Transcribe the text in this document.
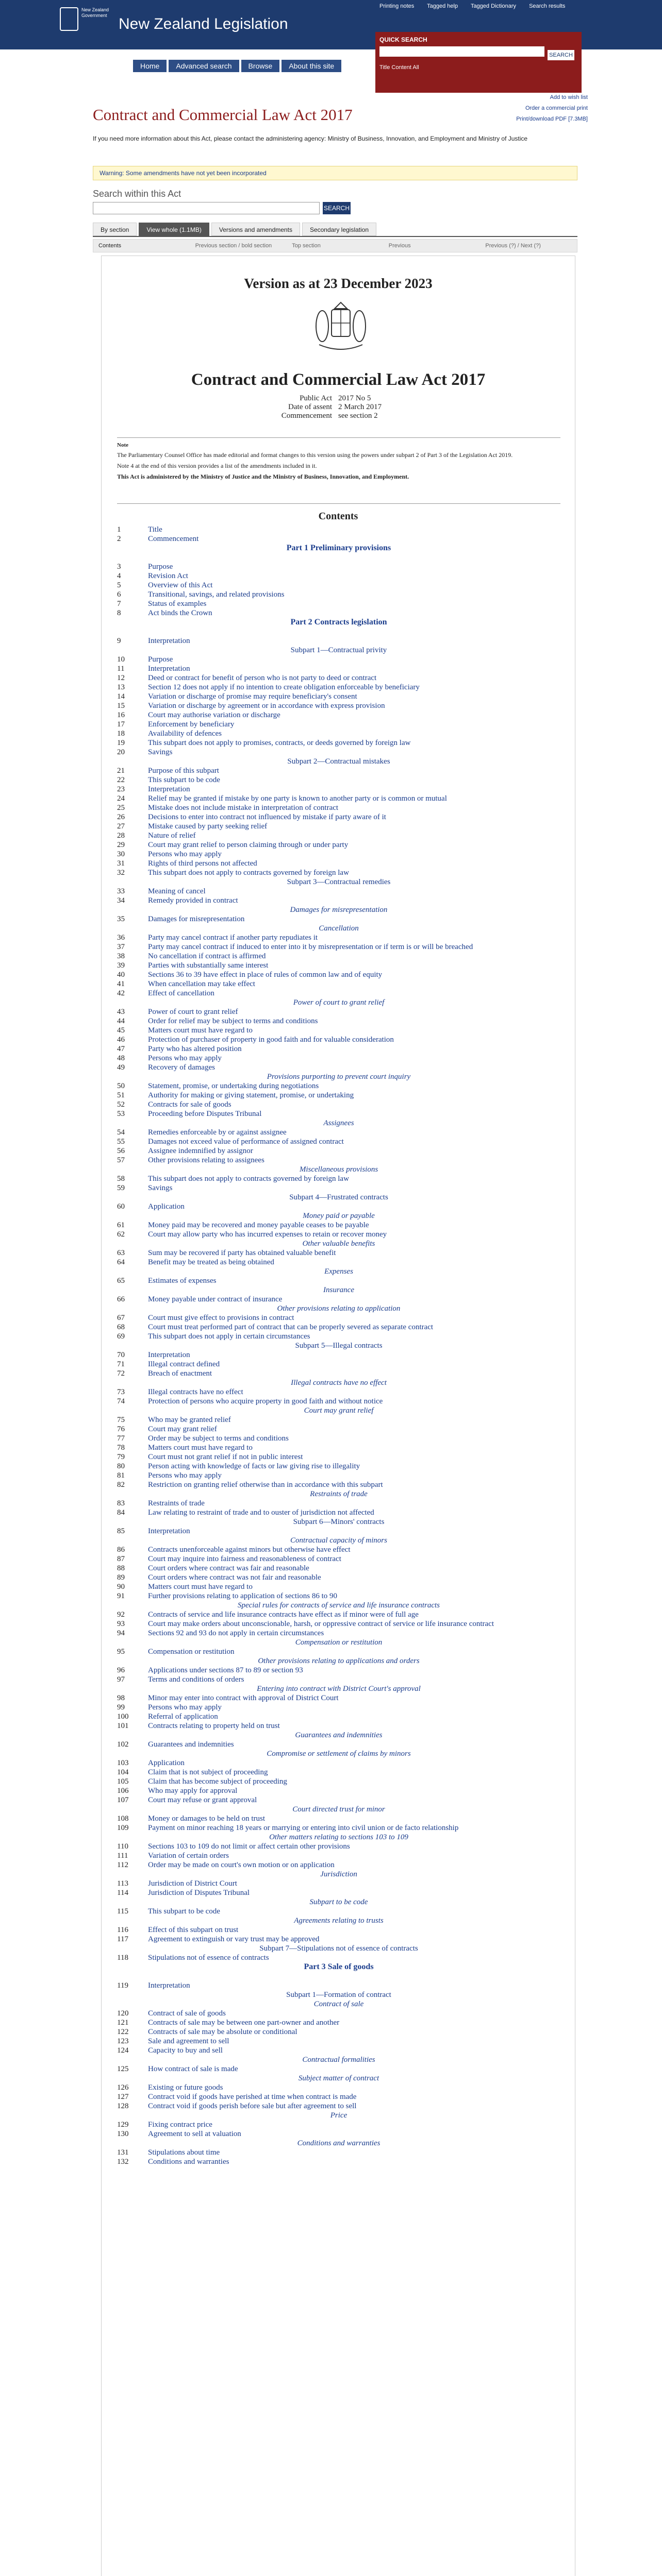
Printing notes Tagged help Tagged Dictionary Search results
New Zealand Government New Zealand Legislation
Home	Advanced search	Browse	About this site
QUICK SEARCH
SEARCH
Title Content All
Contract and Commercial Law Act 2017
Add to wish list
Order a commercial print
Print/download PDF [7.3MB]
If you need more information about this Act, please contact the administering agency: Ministry of Business, Innovation, and Employment and Ministry of Justice
Warning: Some amendments have not yet been incorporated
Search within this Act
SEARCH
By section	View whole (1.1MB)	Versions and amendments	Secondary legislation
Contents	Previous section / bold section	Top section	Previous	Previous (?) / Next (?)
Version as at 23 December 2023
Contract and Commercial Law Act 2017
Public Act 2017 No 5
Date of assent 2 March 2017
Commencement see section 2
Note

The Parliamentary Counsel Office has made editorial and format changes to this version using the powers under subpart 2 of Part 3 of the Legislation Act 2019.

Note 4 at the end of this version provides a list of the amendments included in it.

This Act is administered by the Ministry of Justice and the Ministry of Business, Innovation, and Employment.

Contents
1	Title
2	Commencement
Part 1 Preliminary provisions
3	Purpose
4	Revision Act
5	Overview of this Act
6	Transitional, savings, and related provisions
7	Status of examples
8	Act binds the Crown
Part 2 Contracts legislation
9	Interpretation
Subpart 1—Contractual privity
10	Purpose
11	Interpretation
12	Deed or contract for benefit of person who is not party to deed or contract
13	Section 12 does not apply if no intention to create obligation enforceable by beneficiary
14	Variation or discharge of promise may require beneficiary's consent
15	Variation or discharge by agreement or in accordance with express provision
16	Court may authorise variation or discharge
17	Enforcement by beneficiary
18	Availability of defences
19	This subpart does not apply to promises, contracts, or deeds governed by foreign law
20	Savings
Subpart 2—Contractual mistakes
21	Purpose of this subpart
22	This subpart to be code
23	Interpretation
24	Relief may be granted if mistake by one party is known to another party or is common or mutual
25	Mistake does not include mistake in interpretation of contract
26	Decisions to enter into contract not influenced by mistake if party aware of it
27	Mistake caused by party seeking relief
28	Nature of relief
29	Court may grant relief to person claiming through or under party
30	Persons who may apply
31	Rights of third persons not affected
32	This subpart does not apply to contracts governed by foreign law
Subpart 3—Contractual remedies
33	Meaning of cancel
34	Remedy provided in contract
Damages for misrepresentation
35	Damages for misrepresentation
Cancellation
36	Party may cancel contract if another party repudiates it
37	Party may cancel contract if induced to enter into it by misrepresentation or if term is or will be breached
38	No cancellation if contract is affirmed
39	Parties with substantially same interest
40	Sections 36 to 39 have effect in place of rules of common law and of equity
41	When cancellation may take effect
42	Effect of cancellation
Power of court to grant relief
43	Power of court to grant relief
44	Order for relief may be subject to terms and conditions
45	Matters court must have regard to
46	Protection of purchaser of property in good faith and for valuable consideration
47	Party who has altered position
48	Persons who may apply
49	Recovery of damages
Provisions purporting to prevent court inquiry
50	Statement, promise, or undertaking during negotiations
51	Authority for making or giving statement, promise, or undertaking
52	Contracts for sale of goods
53	Proceeding before Disputes Tribunal
Assignees
54	Remedies enforceable by or against assignee
55	Damages not exceed value of performance of assigned contract
56	Assignee indemnified by assignor
57	Other provisions relating to assignees
Miscellaneous provisions
58	This subpart does not apply to contracts governed by foreign law
59	Savings
Subpart 4—Frustrated contracts
60	Application
Money paid or payable
61	Money paid may be recovered and money payable ceases to be payable
62	Court may allow party who has incurred expenses to retain or recover money
Other valuable benefits
63	Sum may be recovered if party has obtained valuable benefit
64	Benefit may be treated as being obtained
Expenses
65	Estimates of expenses
Insurance
66	Money payable under contract of insurance
Other provisions relating to application
67	Court must give effect to provisions in contract
68	Court must treat performed part of contract that can be properly severed as separate contract
69	This subpart does not apply in certain circumstances
Subpart 5—Illegal contracts
70	Interpretation
71	Illegal contract defined
72	Breach of enactment
Illegal contracts have no effect
73	Illegal contracts have no effect
74	Protection of persons who acquire property in good faith and without notice
Court may grant relief
75	Who may be granted relief
76	Court may grant relief
77	Order may be subject to terms and conditions
78	Matters court must have regard to
79	Court must not grant relief if not in public interest
80	Person acting with knowledge of facts or law giving rise to illegality
81	Persons who may apply
82	Restriction on granting relief otherwise than in accordance with this subpart
Restraints of trade
83	Restraints of trade
84	Law relating to restraint of trade and to ouster of jurisdiction not affected
Subpart 6—Minors' contracts
85	Interpretation
Contractual capacity of minors
86	Contracts unenforceable against minors but otherwise have effect
87	Court may inquire into fairness and reasonableness of contract
88	Court orders where contract was fair and reasonable
89	Court orders where contract was not fair and reasonable
90	Matters court must have regard to
91	Further provisions relating to application of sections 86 to 90
Special rules for contracts of service and life insurance contracts
92	Contracts of service and life insurance contracts have effect as if minor were of full age
93	Court may make orders about unconscionable, harsh, or oppressive contract of service or life insurance contract
94	Sections 92 and 93 do not apply in certain circumstances
Compensation or restitution
95	Compensation or restitution
Other provisions relating to applications and orders
96	Applications under sections 87 to 89 or section 93
97	Terms and conditions of orders
Entering into contract with District Court's approval
98	Minor may enter into contract with approval of District Court
99	Persons who may apply
100	Referral of application
101	Contracts relating to property held on trust
Guarantees and indemnities
102	Guarantees and indemnities
Compromise or settlement of claims by minors
103	Application
104	Claim that is not subject of proceeding
105	Claim that has become subject of proceeding
106	Who may apply for approval
107	Court may refuse or grant approval
Court directed trust for minor
108	Money or damages to be held on trust
109	Payment on minor reaching 18 years or marrying or entering into civil union or de facto relationship
Other matters relating to sections 103 to 109
110	Sections 103 to 109 do not limit or affect certain other provisions
111	Variation of certain orders
112	Order may be made on court's own motion or on application
Jurisdiction
113	Jurisdiction of District Court
114	Jurisdiction of Disputes Tribunal
Subpart to be code
115	This subpart to be code
Agreements relating to trusts
116	Effect of this subpart on trust
117	Agreement to extinguish or vary trust may be approved
Subpart 7—Stipulations not of essence of contracts
118	Stipulations not of essence of contracts
Part 3 Sale of goods
119	Interpretation
Subpart 1—Formation of contract
Contract of sale
120	Contract of sale of goods
121	Contracts of sale may be between one part-owner and another
122	Contracts of sale may be absolute or conditional
123	Sale and agreement to sell
124	Capacity to buy and sell
Contractual formalities
125	How contract of sale is made
Subject matter of contract
126	Existing or future goods
127	Contract void if goods have perished at time when contract is made
128	Contract void if goods perish before sale but after agreement to sell
Price
129	Fixing contract price
130	Agreement to sell at valuation
Conditions and warranties
131	Stipulations about time
132	Conditions and warranties
